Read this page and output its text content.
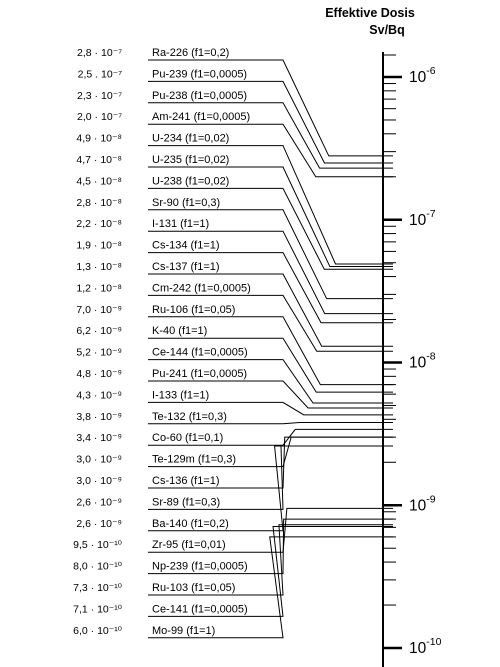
Effektive Dosis
Sv/Bq
$10^{-6}$
$10^{-7}$
$10^{-8}$
$10^{-9}$
$10^{-10}$
2,8 · 10⁻⁷	Ra-226 (f1=0,2)
2,5 . 10⁻⁷	Pu-239 (f1=0,0005)
2,3 · 10⁻⁷	Pu-238 (f1=0,0005)
2,0 · 10⁻⁷	Am-241 (f1=0,0005)
4,9 · 10⁻⁸	U-234 (f1=0,02)
4,7 · 10⁻⁸	U-235 (f1=0,02)
4,5 · 10⁻⁸	U-238 (f1=0,02)
2,8 · 10⁻⁸	Sr-90 (f1=0,3)
2,2 · 10⁻⁸	I-131 (f1=1)
1,9 · 10⁻⁸	Cs-134 (f1=1)
1,3 · 10⁻⁸	Cs-137 (f1=1)
1,2 · 10⁻⁸	Cm-242 (f1=0,0005)
7,0 · 10⁻⁹	Ru-106 (f1=0,05)
6,2 · 10⁻⁹	K-40 (f1=1)
5,2 · 10⁻⁹	Ce-144 (f1=0,0005)
4,8 · 10⁻⁹	Pu-241 (f1=0,0005)
4,3 · 10⁻⁹	I-133 (f1=1)
3,8 · 10⁻⁹	Te-132 (f1=0,3)
3,4 · 10⁻⁹	Co-60 (f1=0,1)
3,0 · 10⁻⁹	Te-129m (f1=0,3)
3,0 · 10⁻⁹	Cs-136 (f1=1)
2,6 · 10⁻⁹	Sr-89 (f1=0,3)
2,6 · 10⁻⁹	Ba-140 (f1=0,2)
9,5 · 10⁻¹⁰	Zr-95 (f1=0,01)
8,0 · 10⁻¹⁰	Np-239 (f1=0,0005)
7,3 · 10⁻¹⁰	Ru-103 (f1=0,05)
7,1 · 10⁻¹⁰	Ce-141 (f1=0,0005)
6,0 · 10⁻¹⁰	Mo-99 (f1=1)
